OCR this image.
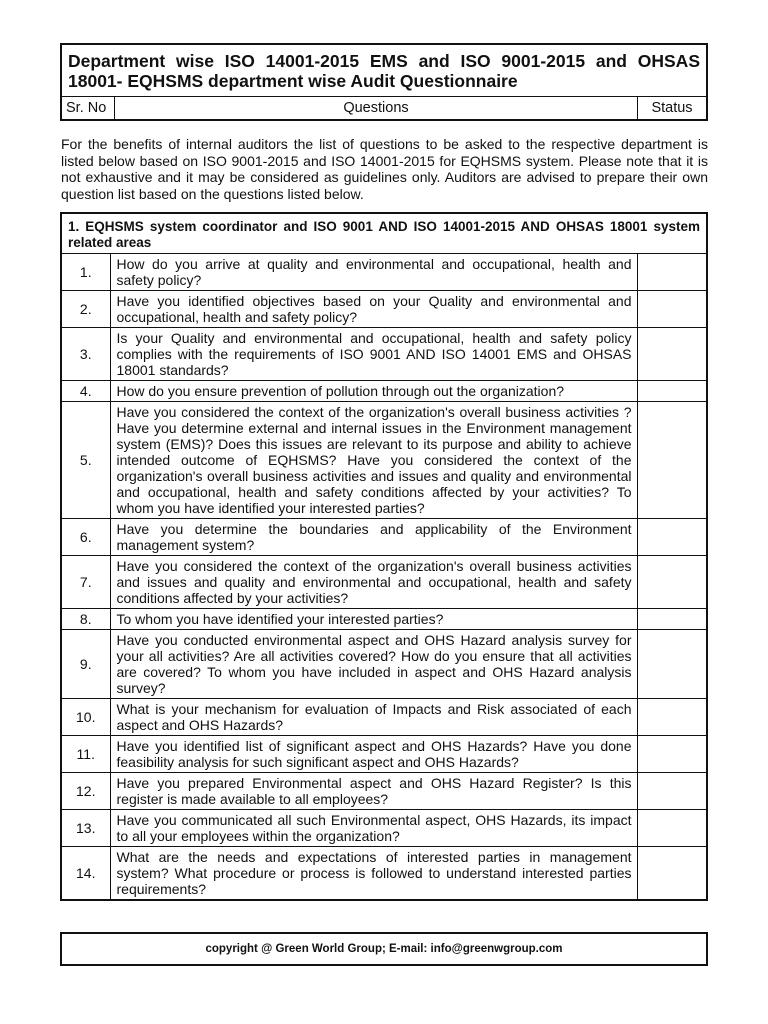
Department wise ISO 14001-2015 EMS and ISO 9001-2015 and OHSAS 18001- EQHSMS department wise Audit Questionnaire
Sr. No	Questions	Status

For the benefits of internal auditors the list of questions to be asked to the respective department is listed below based on ISO 9001-2015 and ISO 14001-2015 for EQHSMS system. Please note that it is not exhaustive and it may be considered as guidelines only. Auditors are advised to prepare their own question list based on the questions listed below.

1. EQHSMS system coordinator and ISO 9001 AND ISO 14001-2015 AND OHSAS 18001 system related areas		
1.	How do you arrive at quality and environmental and occupational, health and safety policy?	
2.	Have you identified objectives based on your Quality and environmental and occupational, health and safety policy?	
3.	Is your Quality and environmental and occupational, health and safety policy complies with the requirements of ISO 9001 AND ISO 14001 EMS and OHSAS 18001 standards?	
4.	How do you ensure prevention of pollution through out the organization?	
5.	Have you considered the context of the organization's overall business activities ? Have you determine external and internal issues in the Environment management system (EMS)? Does this issues are relevant to its purpose and ability to achieve intended outcome of EQHSMS? Have you considered the context of the organization's overall business activities and issues and quality and environmental and occupational, health and safety conditions affected by your activities? To whom you have identified your interested parties?	
6.	Have you determine the boundaries and applicability of the Environment management system?	
7.	Have you considered the context of the organization's overall business activities and issues and quality and environmental and occupational, health and safety conditions affected by your activities?	
8.	To whom you have identified your interested parties?	
9.	Have you conducted environmental aspect and OHS Hazard analysis survey for your all activities? Are all activities covered? How do you ensure that all activities are covered? To whom you have included in aspect and OHS Hazard analysis survey?	
10.	What is your mechanism for evaluation of Impacts and Risk associated of each aspect and OHS Hazards?	
11.	Have you identified list of significant aspect and OHS Hazards? Have you done feasibility analysis for such significant aspect and OHS Hazards?	
12.	Have you prepared Environmental aspect and OHS Hazard Register? Is this register is made available to all employees?	
13.	Have you communicated all such Environmental aspect, OHS Hazards, its impact to all your employees within the organization?	
14.	What are the needs and expectations of interested parties in management system? What procedure or process is followed to understand interested parties requirements?	
copyright @ Green World Group; E-mail: info@greenwgroup.com
